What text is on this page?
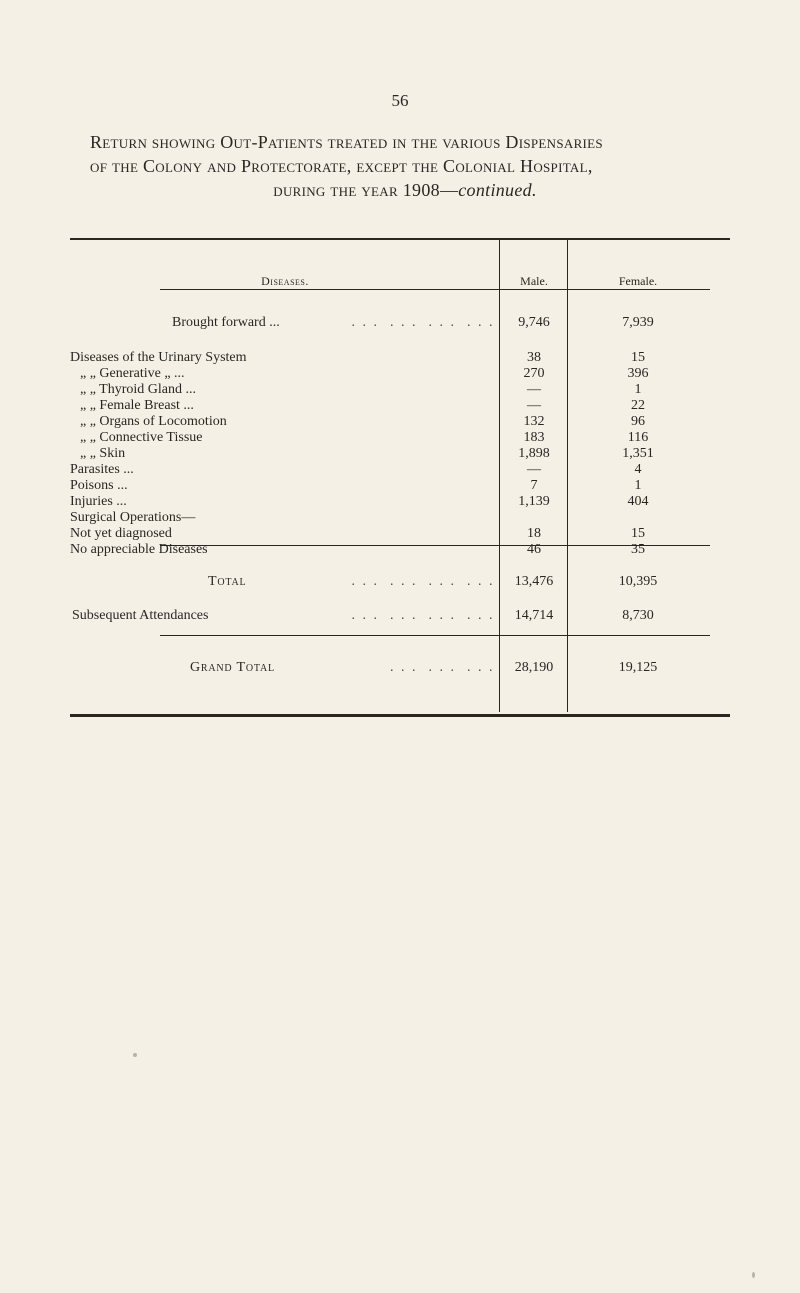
56
Return showing Out-Patients treated in the various Dispensaries
of the Colony and Protectorate, except the Colonial Hospital,
during the year 1908—continued.
Diseases.	Male.	Female.
Brought forward ...	. . .  . . .  . . .  . . .	9,746	7,939
Diseases of the Urinary System	38	15
„ „ Generative „ ...	270	396
„ „ Thyroid Gland ...	—	1
„ „ Female Breast ...	—	22
„ „ Organs of Locomotion	132	96
„ „ Connective Tissue	183	116
„ „ Skin	1,898	1,351
Parasites ...	—	4
Poisons ...	7	1
Injuries ...	1,139	404
Surgical Operations—
Not yet diagnosed	18	15
No appreciable Diseases	46	35
Total	. . .  . . .  . . .  . . .	13,476	10,395
Subsequent Attendances	. . .  . . .  . . .  . . .	14,714	8,730
Grand Total	. . .  . . .  . . .	28,190	19,125
